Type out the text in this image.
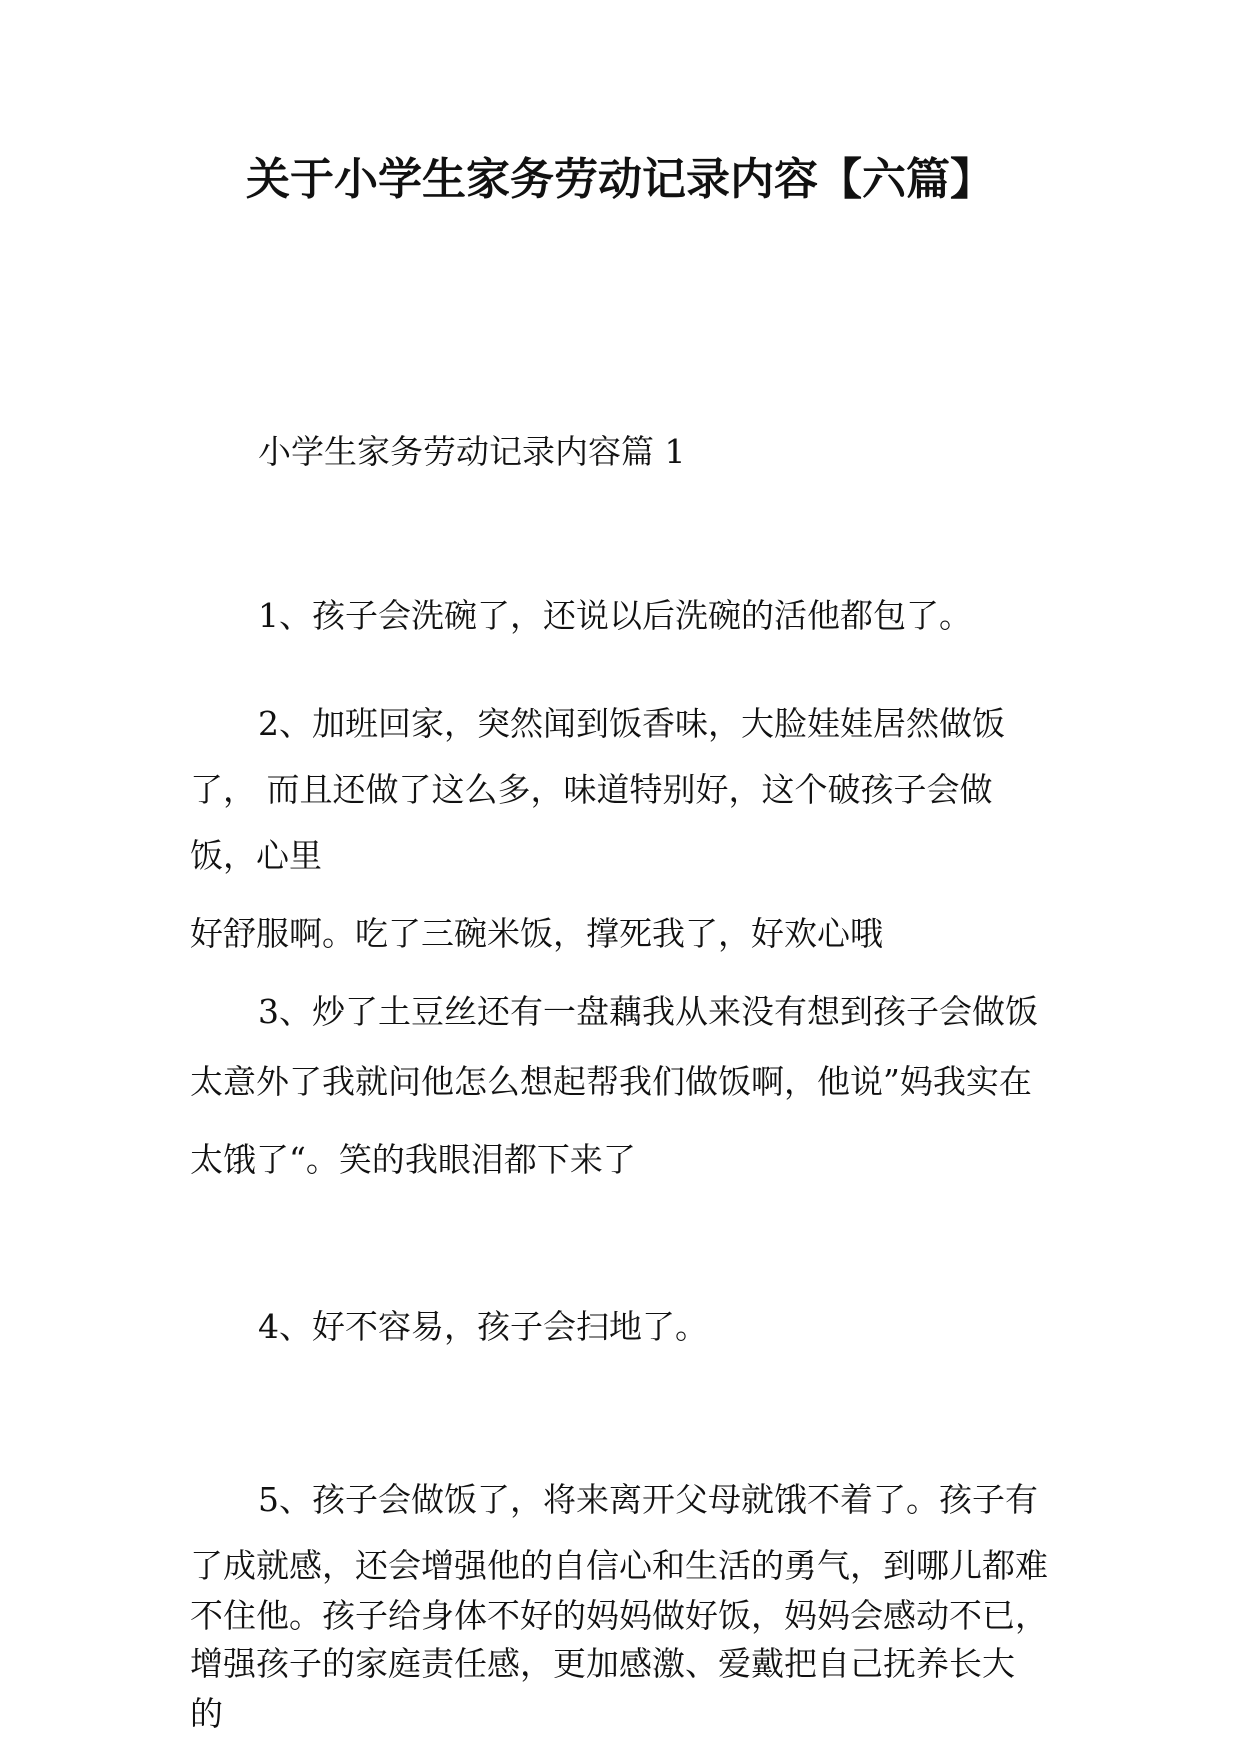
关于小学生家务劳动记录内容【六篇】

小学生家务劳动记录内容篇 1

1、孩子会洗碗了，还说以后洗碗的活他都包了。

2、加班回家，突然闻到饭香味，大脸娃娃居然做饭

了， 而且还做了这么多，味道特别好，这个破孩子会做

饭，心里

好舒服啊。吃了三碗米饭，撑死我了，好欢心哦

3、炒了土豆丝还有一盘藕我从来没有想到孩子会做饭

太意外了我就问他怎么想起帮我们做饭啊，他说”妈我实在

太饿了“。笑的我眼泪都下来了

4、好不容易，孩子会扫地了。

5、孩子会做饭了，将来离开父母就饿不着了。孩子有

了成就感，还会增强他的自信心和生活的勇气，到哪儿都难

不住他。孩子给身体不好的妈妈做好饭，妈妈会感动不已，

增强孩子的家庭责任感，更加感激、爱戴把自己抚养长大

的
